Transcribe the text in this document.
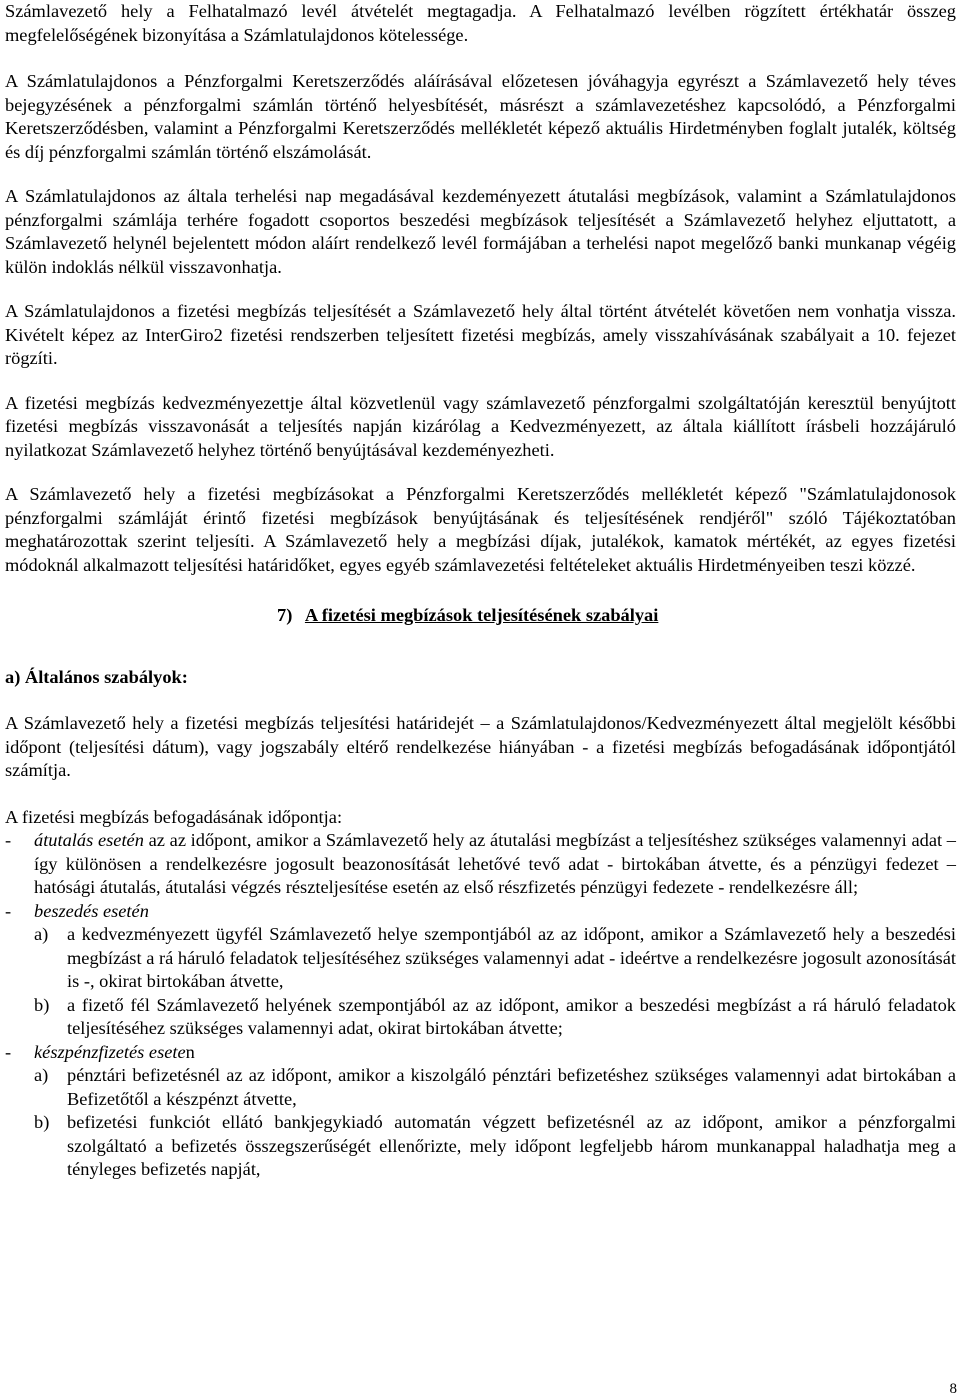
Számlavezető hely a Felhatalmazó levél átvételét megtagadja. A Felhatalmazó levélben rögzített értékhatár összeg megfelelőségének bizonyítása a Számlatulajdonos kötelessége.

A Számlatulajdonos a Pénzforgalmi Keretszerződés aláírásával előzetesen jóváhagyja egyrészt a Számlavezető hely téves bejegyzésének a pénzforgalmi számlán történő helyesbítését, másrészt a számlavezetéshez kapcsolódó, a Pénzforgalmi Keretszerződésben, valamint a Pénzforgalmi Keretszerződés mellékletét képező aktuális Hirdetményben foglalt jutalék, költség és díj pénzforgalmi számlán történő elszámolását.

A Számlatulajdonos az általa terhelési nap megadásával kezdeményezett átutalási megbízások, valamint a Számlatulajdonos pénzforgalmi számlája terhére fogadott csoportos beszedési megbízások teljesítését a Számlavezető helyhez eljuttatott, a Számlavezető helynél bejelentett módon aláírt rendelkező levél formájában a terhelési napot megelőző banki munkanap végéig külön indoklás nélkül visszavonhatja.

A Számlatulajdonos a fizetési megbízás teljesítését a Számlavezető hely által történt átvételét követően nem vonhatja vissza. Kivételt képez az InterGiro2 fizetési rendszerben teljesített fizetési megbízás, amely visszahívásának szabályait a 10. fejezet rögzíti.

A fizetési megbízás kedvezményezettje által közvetlenül vagy számlavezető pénzforgalmi szolgáltatóján keresztül benyújtott fizetési megbízás visszavonását a teljesítés napján kizárólag a Kedvezményezett, az általa kiállított írásbeli hozzájáruló nyilatkozat Számlavezető helyhez történő benyújtásával kezdeményezheti.

A Számlavezető hely a fizetési megbízásokat a Pénzforgalmi Keretszerződés mellékletét képező "Számlatulajdonosok pénzforgalmi számláját érintő fizetési megbízások benyújtásának és teljesítésének rendjéről" szóló Tájékoztatóban meghatározottak szerint teljesíti. A Számlavezető hely a megbízási díjak, jutalékok, kamatok mértékét, az egyes fizetési módoknál alkalmazott teljesítési határidőket, egyes egyéb számlavezetési feltételeket aktuális Hirdetményeiben teszi közzé.

7) A fizetési megbízások teljesítésének szabályai
a) Általános szabályok:

A Számlavezető hely a fizetési megbízás teljesítési határidejét – a Számlatulajdonos/Kedvezményezett által megjelölt későbbi időpont (teljesítési dátum), vagy jogszabály eltérő rendelkezése hiányában - a fizetési megbízás befogadásának időpontjától számítja.

A fizetési megbízás befogadásának időpontja:

- átutalás esetén az az időpont, amikor a Számlavezető hely az átutalási megbízást a teljesítéshez szükséges valamennyi adat – így különösen a rendelkezésre jogosult beazonosítását lehetővé tevő adat - birtokában átvette, és a pénzügyi fedezet – hatósági átutalás, átutalási végzés részteljesítése esetén az első részfizetés pénzügyi fedezete - rendelkezésre áll;
- beszedés esetén
a) a kedvezményezett ügyfél Számlavezető helye szempontjából az az időpont, amikor a Számlavezető hely a beszedési megbízást a rá háruló feladatok teljesítéséhez szükséges valamennyi adat - ideértve a rendelkezésre jogosult azonosítását is -, okirat birtokában átvette,
b) a fizető fél Számlavezető helyének szempontjából az az időpont, amikor a beszedési megbízást a rá háruló feladatok teljesítéséhez szükséges valamennyi adat, okirat birtokában átvette;
- készpénzfizetés eseten
a) pénztári befizetésnél az az időpont, amikor a kiszolgáló pénztári befizetéshez szükséges valamennyi adat birtokában a Befizetőtől a készpénzt átvette,
b) befizetési funkciót ellátó bankjegykiadó automatán végzett befizetésnél az az időpont, amikor a pénzforgalmi szolgáltató a befizetés összegszerűségét ellenőrizte, mely időpont legfeljebb három munkanappal haladhatja meg a tényleges befizetés napját,
8
